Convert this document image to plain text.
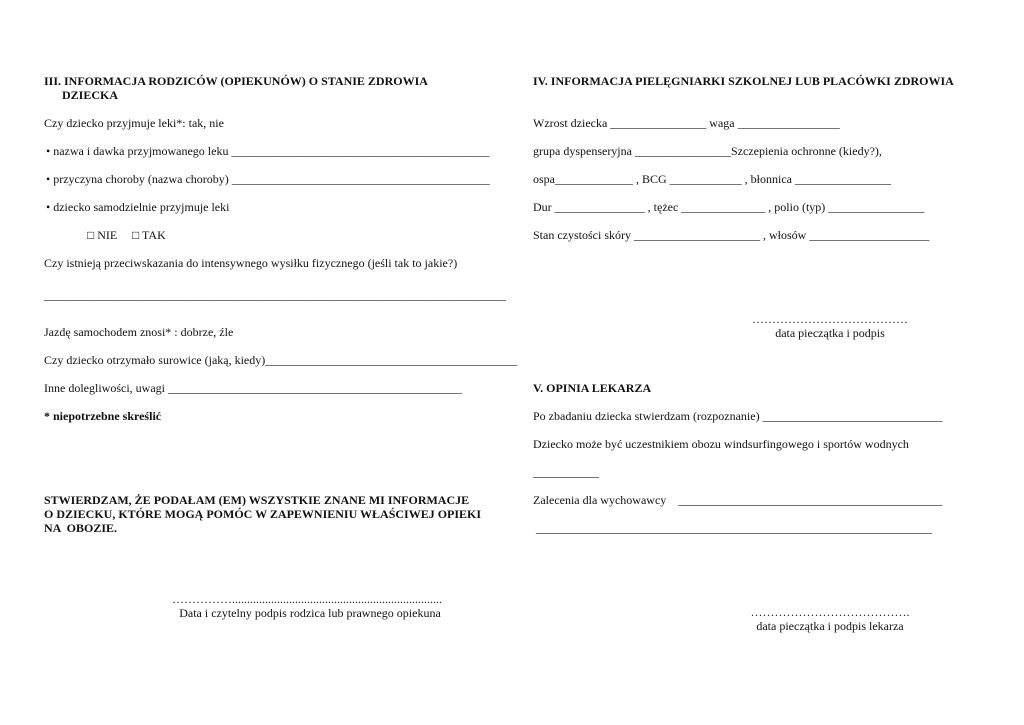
III. INFORMACJA RODZICÓW (OPIEKUNÓW) O STANIE ZDROWIA
DZIECKA
Czy dziecko przyjmuje leki*: tak, nie
• nazwa i dawka przyjmowanego leku ___________________________________________
• przyczyna choroby (nazwa choroby) ___________________________________________
• dziecko samodzielnie przyjmuje leki
□ NIE □ TAK
Czy istnieją przeciwskazania do intensywnego wysiłku fizycznego (jeśli tak to jakie?)
_____________________________________________________________________________
Jazdę samochodem znosi* : dobrze, źle
Czy dziecko otrzymało surowice (jaką, kiedy)__________________________________________
Inne dolegliwości, uwagi _________________________________________________
* niepotrzebne skreślić
STWIERDZAM, ŻE PODAŁAM (EM) WSZYSTKIE ZNANE MI INFORMACJE
O DZIECKU, KTÓRE MOGĄ POMÓC W ZAPEWNIENIU WŁAŚCIWEJ OPIEKI
NA  OBOZIE.
……………......................................................................
Data i czytelny podpis rodzica lub prawnego opiekuna
IV. INFORMACJA PIELĘGNIARKI SZKOLNEJ LUB PLACÓWKI ZDROWIA
Wzrost dziecka ________________ waga _________________
grupa dyspenseryjna ________________Szczepienia ochronne (kiedy?),
ospa_____________ , BCG ____________ , błonnica ________________
Dur _______________ , tężec ______________ , polio (typ) ________________
Stan czystości skóry _____________________ , włosów ____________________
…………………………………
data pieczątka i podpis
V. OPINIA LEKARZA
Po zbadaniu dziecka stwierdzam (rozpoznanie) ______________________________
Dziecko może być uczestnikiem obozu windsurfingowego i sportów wodnych
___________
Zalecenia dla wychowawcy    ____________________________________________
__________________________________________________________________
………………………………….
data pieczątka i podpis lekarza
